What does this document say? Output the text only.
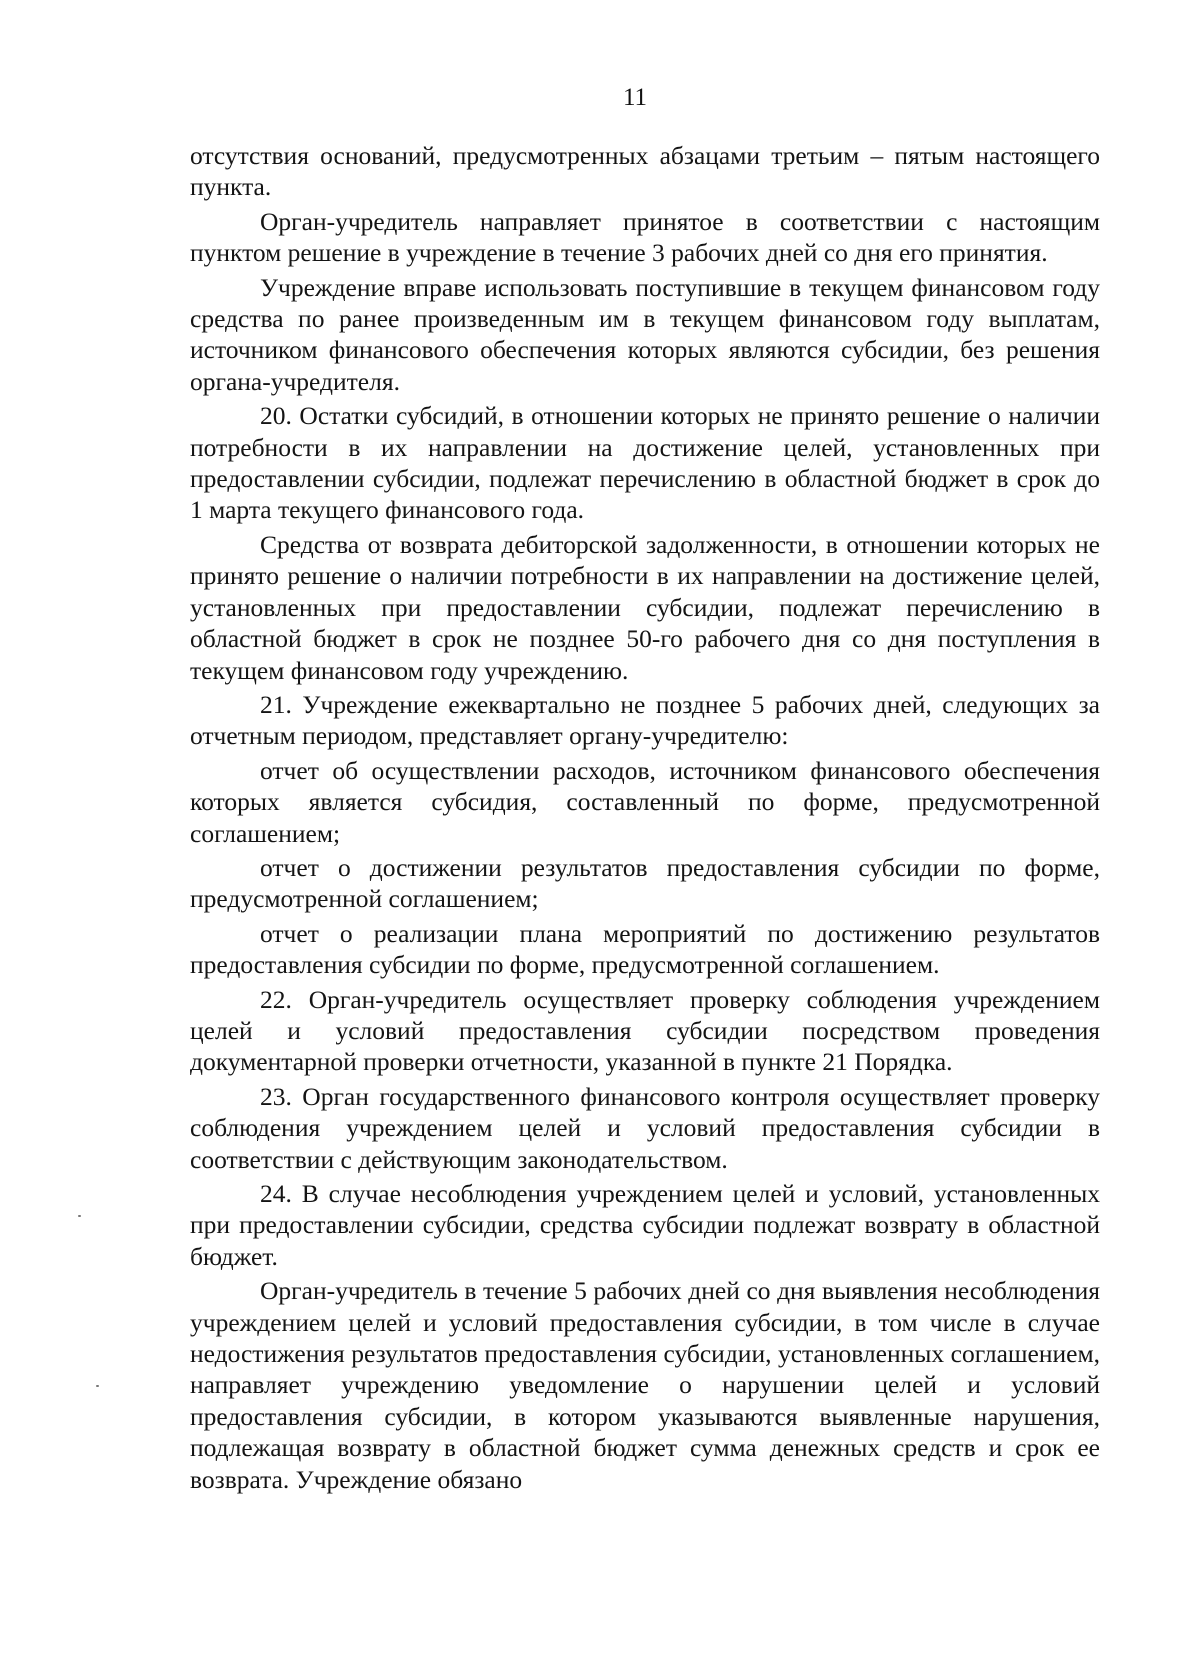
11

отсутствия оснований, предусмотренных абзацами третьим – пятым настоящего пункта.

Орган-учредитель направляет принятое в соответствии с настоящим пунктом решение в учреждение в течение 3 рабочих дней со дня его принятия.

Учреждение вправе использовать поступившие в текущем финансовом году средства по ранее произведенным им в текущем финансовом году выплатам, источником финансового обеспечения которых являются субсидии, без решения органа-учредителя.

20. Остатки субсидий, в отношении которых не принято решение о наличии потребности в их направлении на достижение целей, установленных при предоставлении субсидии, подлежат перечислению в областной бюджет в срок до 1 марта текущего финансового года.

Средства от возврата дебиторской задолженности, в отношении которых не принято решение о наличии потребности в их направлении на достижение целей, установленных при предоставлении субсидии, подлежат перечислению в областной бюджет в срок не позднее 50-го рабочего дня со дня поступления в текущем финансовом году учреждению.

21. Учреждение ежеквартально не позднее 5 рабочих дней, следующих за отчетным периодом, представляет органу-учредителю:

отчет об осуществлении расходов, источником финансового обеспечения которых является субсидия, составленный по форме, предусмотренной соглашением;

отчет о достижении результатов предоставления субсидии по форме, предусмотренной соглашением;

отчет о реализации плана мероприятий по достижению результатов предоставления субсидии по форме, предусмотренной соглашением.

22. Орган-учредитель осуществляет проверку соблюдения учреждением целей и условий предоставления субсидии посредством проведения документарной проверки отчетности, указанной в пункте 21 Порядка.

23. Орган государственного финансового контроля осуществляет проверку соблюдения учреждением целей и условий предоставления субсидии в соответствии с действующим законодательством.

24. В случае несоблюдения учреждением целей и условий, установленных при предоставлении субсидии, средства субсидии подлежат возврату в областной бюджет.

Орган-учредитель в течение 5 рабочих дней со дня выявления несоблюдения учреждением целей и условий предоставления субсидии, в том числе в случае недостижения результатов предоставления субсидии, установленных соглашением, направляет учреждению уведомление о нарушении целей и условий предоставления субсидии, в котором указываются выявленные нарушения, подлежащая возврату в областной бюджет сумма денежных средств и срок ее возврата. Учреждение обязано
